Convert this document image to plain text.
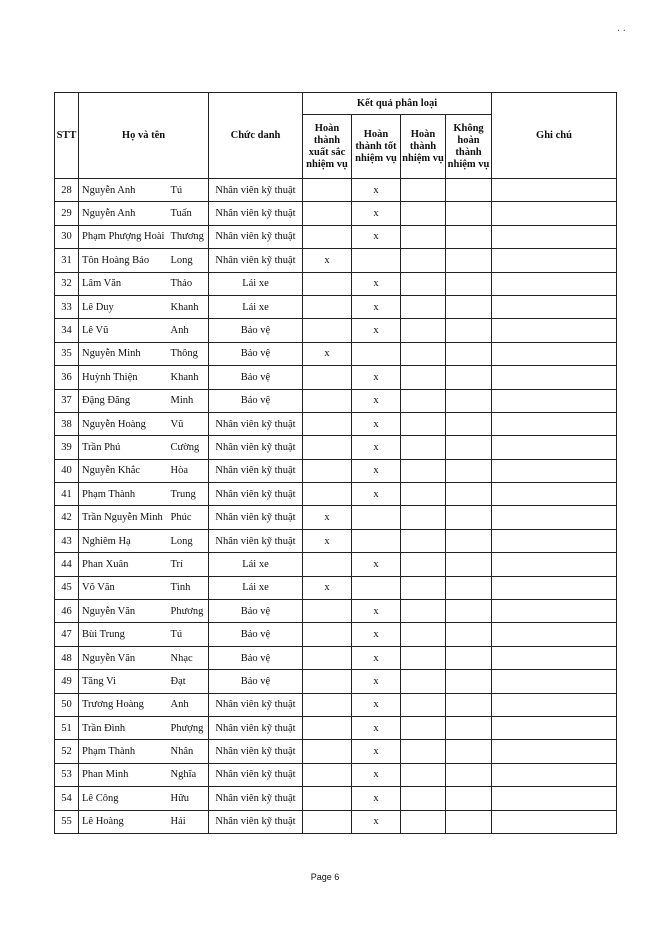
· ·
STT	Họ và tên		Chức danh	Kết quả phân loại				Ghi chú
				Hoàn thành xuất sắc nhiệm vụ	Hoàn thành tốt nhiệm vụ	Hoàn thành nhiệm vụ	Không hoàn thành nhiệm vụ	
28	Nguyễn Anh	Tú	Nhân viên kỹ thuật		x			
29	Nguyễn Anh	Tuấn	Nhân viên kỹ thuật		x			
30	Phạm Phượng Hoài	Thương	Nhân viên kỹ thuật		x			
31	Tôn Hoàng Bảo	Long	Nhân viên kỹ thuật	x				
32	Lâm Văn	Thảo	Lái xe		x			
33	Lê Duy	Khanh	Lái xe		x			
34	Lê Vũ	Anh	Bảo vệ		x			
35	Nguyễn Minh	Thông	Bảo vệ	x				
36	Huỳnh Thiện	Khanh	Bảo vệ		x			
37	Đặng Đăng	Minh	Bảo vệ		x			
38	Nguyễn Hoàng	Vũ	Nhân viên kỹ thuật		x			
39	Trần Phú	Cường	Nhân viên kỹ thuật		x			
40	Nguyễn Khắc	Hòa	Nhân viên kỹ thuật		x			
41	Phạm Thành	Trung	Nhân viên kỹ thuật		x			
42	Trần Nguyễn Minh	Phúc	Nhân viên kỹ thuật	x				
43	Nghiêm Hạ	Long	Nhân viên kỹ thuật	x				
44	Phan Xuân	Trí	Lái xe		x			
45	Võ Văn	Tình	Lái xe	x				
46	Nguyễn Văn	Phương	Bảo vệ		x			
47	Bùi Trung	Tú	Bảo vệ		x			
48	Nguyễn Văn	Nhạc	Bảo vệ		x			
49	Tăng Vi	Đạt	Bảo vệ		x			
50	Trương Hoàng	Anh	Nhân viên kỹ thuật		x			
51	Trần Đình	Phượng	Nhân viên kỹ thuật		x			
52	Phạm Thành	Nhân	Nhân viên kỹ thuật		x			
53	Phan Minh	Nghĩa	Nhân viên kỹ thuật		x			
54	Lê Công	Hữu	Nhân viên kỹ thuật		x			
55	Lê Hoàng	Hải	Nhân viên kỹ thuật		x			
Page 6
